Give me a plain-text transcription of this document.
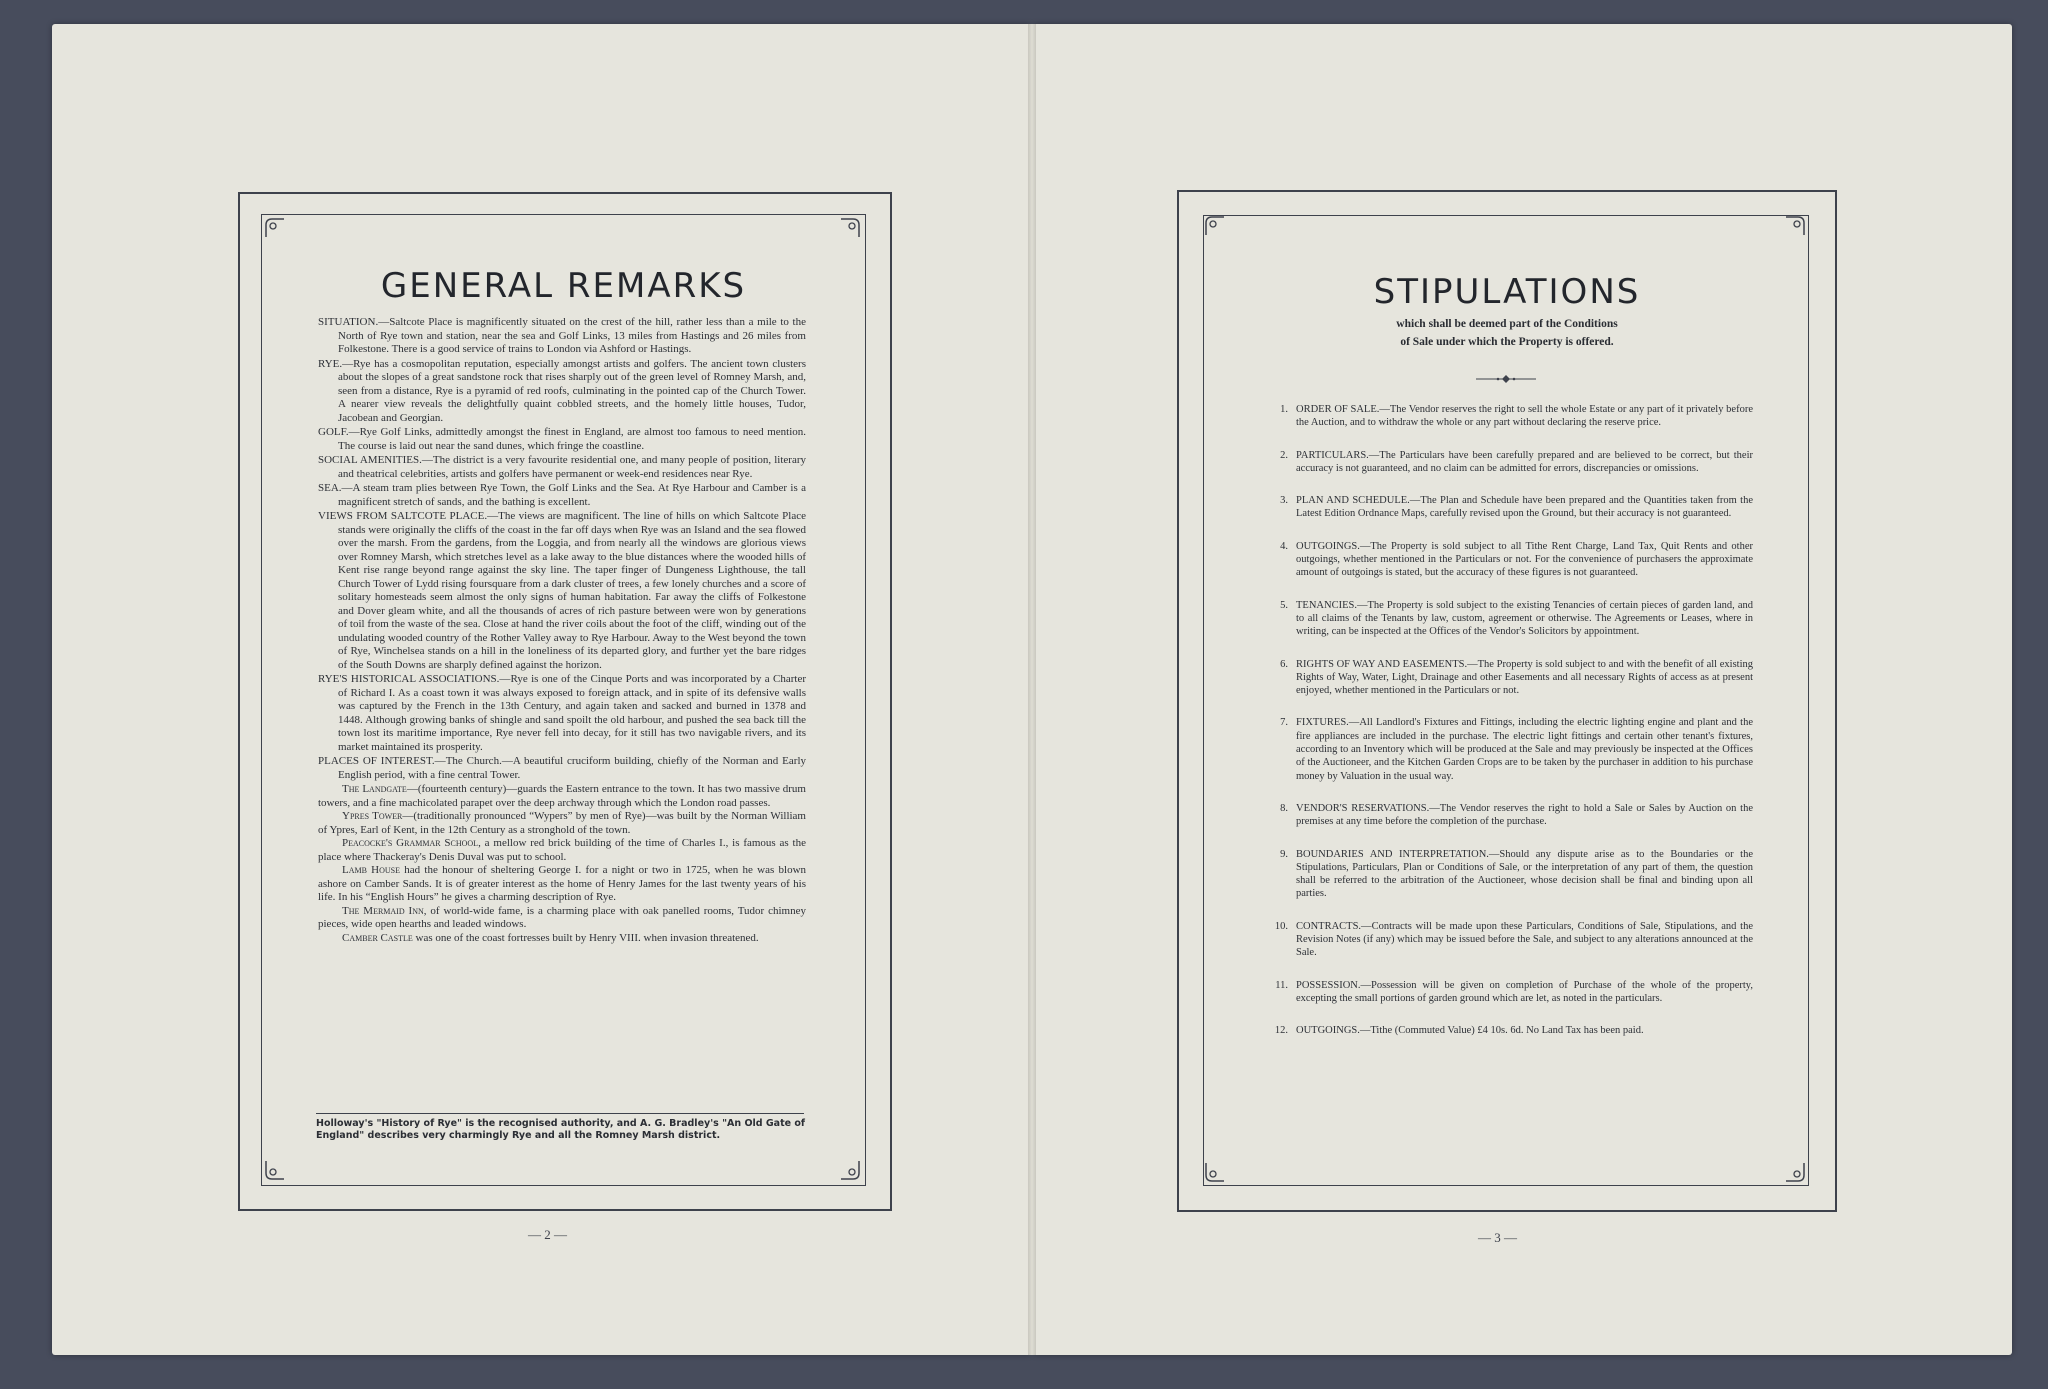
GENERAL REMARKS
SITUATION.—Saltcote Place is magnificently situated on the crest of the hill, rather less than a mile to the North of Rye town and station, near the sea and Golf Links, 13 miles from Hastings and 26 miles from Folkestone. There is a good service of trains to London via Ashford or Hastings.
RYE.—Rye has a cosmopolitan reputation, especially amongst artists and golfers. The ancient town clusters about the slopes of a great sandstone rock that rises sharply out of the green level of Romney Marsh, and, seen from a distance, Rye is a pyramid of red roofs, culminating in the pointed cap of the Church Tower. A nearer view reveals the delightfully quaint cobbled streets, and the homely little houses, Tudor, Jacobean and Georgian.
GOLF.—Rye Golf Links, admittedly amongst the finest in England, are almost too famous to need mention. The course is laid out near the sand dunes, which fringe the coastline.
SOCIAL AMENITIES.—The district is a very favourite residential one, and many people of position, literary and theatrical celebrities, artists and golfers have permanent or week-end residences near Rye.
SEA.—A steam tram plies between Rye Town, the Golf Links and the Sea. At Rye Harbour and Camber is a magnificent stretch of sands, and the bathing is excellent.
VIEWS FROM SALTCOTE PLACE.—The views are magnificent. The line of hills on which Saltcote Place stands were originally the cliffs of the coast in the far off days when Rye was an Island and the sea flowed over the marsh. From the gardens, from the Loggia, and from nearly all the windows are glorious views over Romney Marsh, which stretches level as a lake away to the blue distances where the wooded hills of Kent rise range beyond range against the sky line. The taper finger of Dungeness Lighthouse, the tall Church Tower of Lydd rising foursquare from a dark cluster of trees, a few lonely churches and a score of solitary homesteads seem almost the only signs of human habitation. Far away the cliffs of Folkestone and Dover gleam white, and all the thousands of acres of rich pasture between were won by generations of toil from the waste of the sea. Close at hand the river coils about the foot of the cliff, winding out of the undulating wooded country of the Rother Valley away to Rye Harbour. Away to the West beyond the town of Rye, Winchelsea stands on a hill in the loneliness of its departed glory, and further yet the bare ridges of the South Downs are sharply defined against the horizon.
RYE'S HISTORICAL ASSOCIATIONS.—Rye is one of the Cinque Ports and was incorporated by a Charter of Richard I. As a coast town it was always exposed to foreign attack, and in spite of its defensive walls was captured by the French in the 13th Century, and again taken and sacked and burned in 1378 and 1448. Although growing banks of shingle and sand spoilt the old harbour, and pushed the sea back till the town lost its maritime importance, Rye never fell into decay, for it still has two navigable rivers, and its market maintained its prosperity.
PLACES OF INTEREST.—The Church.—A beautiful cruciform building, chiefly of the Norman and Early English period, with a fine central Tower.
The Landgate—(fourteenth century)—guards the Eastern entrance to the town. It has two massive drum towers, and a fine machicolated parapet over the deep archway through which the London road passes.
Ypres Tower—(traditionally pronounced “Wypers” by men of Rye)—was built by the Norman William of Ypres, Earl of Kent, in the 12th Century as a stronghold of the town.
Peacocke's Grammar School, a mellow red brick building of the time of Charles I., is famous as the place where Thackeray's Denis Duval was put to school.
Lamb House had the honour of sheltering George I. for a night or two in 1725, when he was blown ashore on Camber Sands. It is of greater interest as the home of Henry James for the last twenty years of his life. In his “English Hours” he gives a charming description of Rye.
The Mermaid Inn, of world-wide fame, is a charming place with oak panelled rooms, Tudor chimney pieces, wide open hearths and leaded windows.
Camber Castle was one of the coast fortresses built by Henry VIII. when invasion threatened.
Holloway's "History of Rye" is the recognised authority, and A. G. Bradley's "An Old Gate of England" describes very charmingly Rye and all the Romney Marsh district.
— 2 —
STIPULATIONS
which shall be deemed part of the Conditions
of Sale under which the Property is offered.
1. ORDER OF SALE.—The Vendor reserves the right to sell the whole Estate or any part of it privately before the Auction, and to withdraw the whole or any part without declaring the reserve price.
2. PARTICULARS.—The Particulars have been carefully prepared and are believed to be correct, but their accuracy is not guaranteed, and no claim can be admitted for errors, discrepancies or omissions.
3. PLAN AND SCHEDULE.—The Plan and Schedule have been prepared and the Quantities taken from the Latest Edition Ordnance Maps, carefully revised upon the Ground, but their accuracy is not guaranteed.
4. OUTGOINGS.—The Property is sold subject to all Tithe Rent Charge, Land Tax, Quit Rents and other outgoings, whether mentioned in the Particulars or not. For the convenience of purchasers the approximate amount of outgoings is stated, but the accuracy of these figures is not guaranteed.
5. TENANCIES.—The Property is sold subject to the existing Tenancies of certain pieces of garden land, and to all claims of the Tenants by law, custom, agreement or otherwise. The Agreements or Leases, where in writing, can be inspected at the Offices of the Vendor's Solicitors by appointment.
6. RIGHTS OF WAY AND EASEMENTS.—The Property is sold subject to and with the benefit of all existing Rights of Way, Water, Light, Drainage and other Easements and all necessary Rights of access as at present enjoyed, whether mentioned in the Particulars or not.
7. FIXTURES.—All Landlord's Fixtures and Fittings, including the electric lighting engine and plant and the fire appliances are included in the purchase. The electric light fittings and certain other tenant's fixtures, according to an Inventory which will be produced at the Sale and may previously be inspected at the Offices of the Auctioneer, and the Kitchen Garden Crops are to be taken by the purchaser in addition to his purchase money by Valuation in the usual way.
8. VENDOR'S RESERVATIONS.—The Vendor reserves the right to hold a Sale or Sales by Auction on the premises at any time before the completion of the purchase.
9. BOUNDARIES AND INTERPRETATION.—Should any dispute arise as to the Boundaries or the Stipulations, Particulars, Plan or Conditions of Sale, or the interpretation of any part of them, the question shall be referred to the arbitration of the Auctioneer, whose decision shall be final and binding upon all parties.
10. CONTRACTS.—Contracts will be made upon these Particulars, Conditions of Sale, Stipulations, and the Revision Notes (if any) which may be issued before the Sale, and subject to any alterations announced at the Sale.
11. POSSESSION.—Possession will be given on completion of Purchase of the whole of the property, excepting the small portions of garden ground which are let, as noted in the particulars.
12. OUTGOINGS.—Tithe (Commuted Value) £4 10s. 6d. No Land Tax has been paid.
— 3 —
